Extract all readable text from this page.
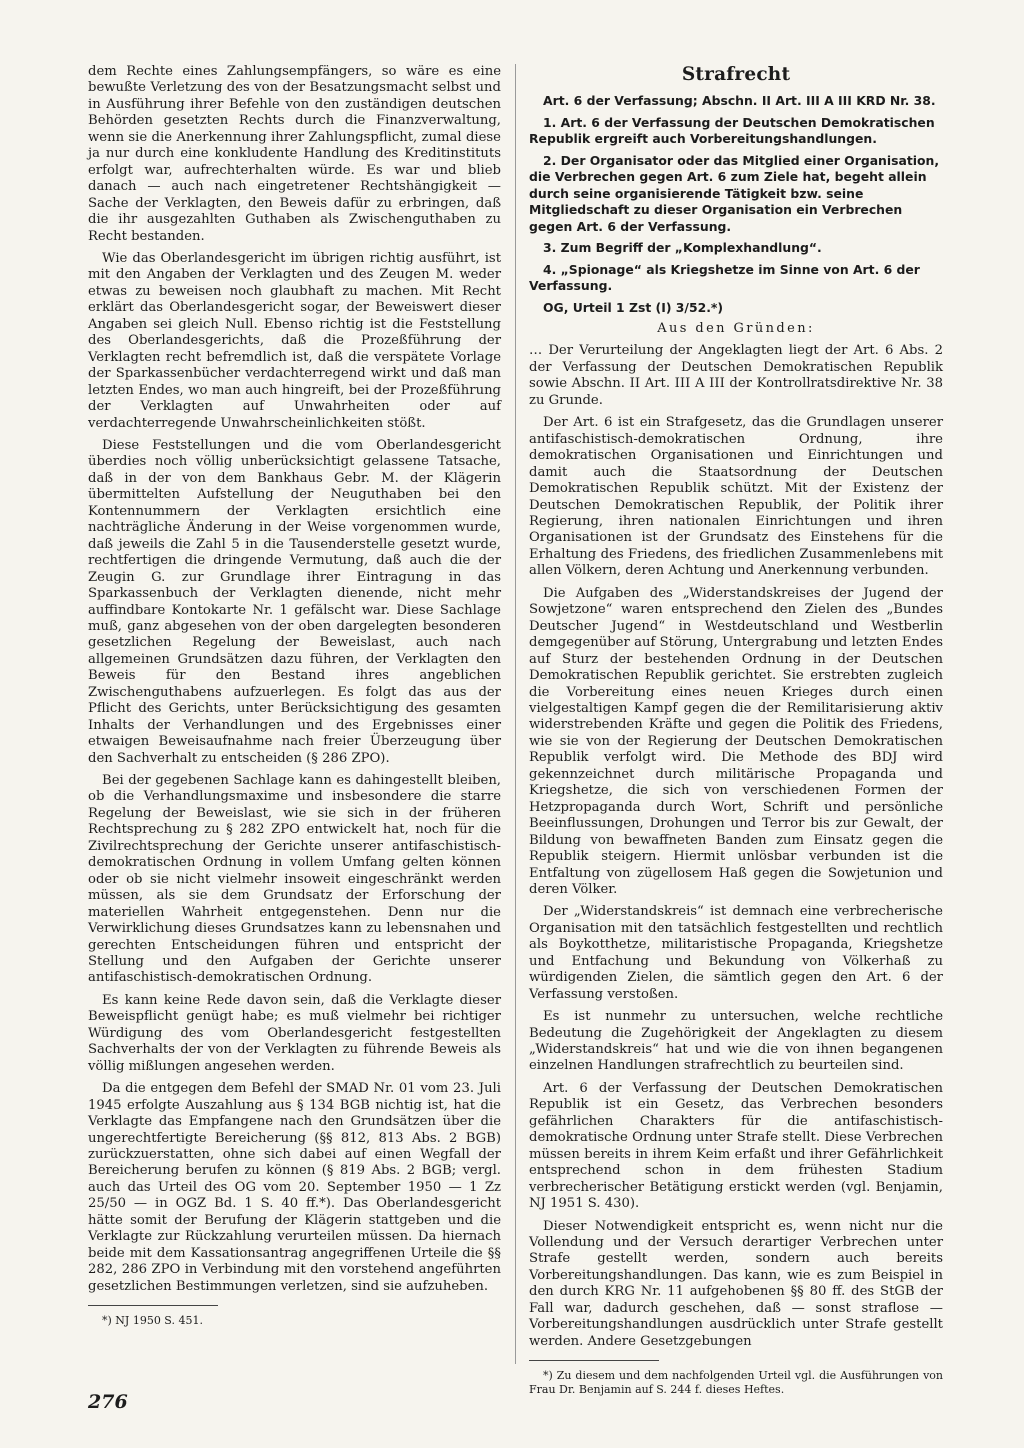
dem Rechte eines Zahlungsempfängers, so wäre es eine bewußte Verletzung des von der Besatzungsmacht selbst und in Ausführung ihrer Befehle von den zuständigen deutschen Behörden gesetzten Rechts durch die Finanzverwaltung, wenn sie die Anerkennung ihrer Zahlungspflicht, zumal diese ja nur durch eine konkludente Handlung des Kreditinstituts erfolgt war, aufrechterhalten würde. Es war und blieb danach — auch nach eingetretener Rechtshängigkeit — Sache der Verklagten, den Beweis dafür zu erbringen, daß die ihr ausgezahlten Guthaben als Zwischenguthaben zu Recht bestanden.

Wie das Oberlandesgericht im übrigen richtig ausführt, ist mit den Angaben der Verklagten und des Zeugen M. weder etwas zu beweisen noch glaubhaft zu machen. Mit Recht erklärt das Oberlandesgericht sogar, der Beweiswert dieser Angaben sei gleich Null. Ebenso richtig ist die Feststellung des Oberlandesgerichts, daß die Prozeßführung der Verklagten recht befremdlich ist, daß die verspätete Vorlage der Sparkassenbücher verdachterregend wirkt und daß man letzten Endes, wo man auch hingreift, bei der Prozeßführung der Verklagten auf Unwahrheiten oder auf verdachterregende Unwahrscheinlichkeiten stößt.

Diese Feststellungen und die vom Oberlandesgericht überdies noch völlig unberücksichtigt gelassene Tatsache, daß in der von dem Bankhaus Gebr. M. der Klägerin übermittelten Aufstellung der Neuguthaben bei den Kontennummern der Verklagten ersichtlich eine nachträgliche Änderung in der Weise vorgenommen wurde, daß jeweils die Zahl 5 in die Tausenderstelle gesetzt wurde, rechtfertigen die dringende Vermutung, daß auch die der Zeugin G. zur Grundlage ihrer Eintragung in das Sparkassenbuch der Verklagten dienende, nicht mehr auffindbare Kontokarte Nr. 1 gefälscht war. Diese Sachlage muß, ganz abgesehen von der oben dargelegten besonderen gesetzlichen Regelung der Beweislast, auch nach allgemeinen Grundsätzen dazu führen, der Verklagten den Beweis für den Bestand ihres angeblichen Zwischenguthabens aufzuerlegen. Es folgt das aus der Pflicht des Gerichts, unter Berücksichtigung des gesamten Inhalts der Verhandlungen und des Ergebnisses einer etwaigen Beweisaufnahme nach freier Überzeugung über den Sachverhalt zu entscheiden (§ 286 ZPO).

Bei der gegebenen Sachlage kann es dahingestellt bleiben, ob die Verhandlungsmaxime und insbesondere die starre Regelung der Beweislast, wie sie sich in der früheren Rechtsprechung zu § 282 ZPO entwickelt hat, noch für die Zivilrechtsprechung der Gerichte unserer antifaschistisch-demokratischen Ordnung in vollem Umfang gelten können oder ob sie nicht vielmehr insoweit eingeschränkt werden müssen, als sie dem Grundsatz der Erforschung der materiellen Wahrheit entgegenstehen. Denn nur die Verwirklichung dieses Grundsatzes kann zu lebensnahen und gerechten Entscheidungen führen und entspricht der Stellung und den Aufgaben der Gerichte unserer antifaschistisch-demokratischen Ordnung.

Es kann keine Rede davon sein, daß die Verklagte dieser Beweispflicht genügt habe; es muß vielmehr bei richtiger Würdigung des vom Oberlandesgericht festgestellten Sachverhalts der von der Verklagten zu führende Beweis als völlig mißlungen angesehen werden.

Da die entgegen dem Befehl der SMAD Nr. 01 vom 23. Juli 1945 erfolgte Auszahlung aus § 134 BGB nichtig ist, hat die Verklagte das Empfangene nach den Grundsätzen über die ungerechtfertigte Bereicherung (§§ 812, 813 Abs. 2 BGB) zurückzuerstatten, ohne sich dabei auf einen Wegfall der Bereicherung berufen zu können (§ 819 Abs. 2 BGB; vergl. auch das Urteil des OG vom 20. September 1950 — 1 Zz 25/50 — in OGZ Bd. 1 S. 40 ff.*). Das Oberlandesgericht hätte somit der Berufung der Klägerin stattgeben und die Verklagte zur Rückzahlung verurteilen müssen. Da hiernach beide mit dem Kassationsantrag angegriffenen Urteile die §§ 282, 286 ZPO in Verbindung mit den vorstehend angeführten gesetzlichen Bestimmungen verletzen, sind sie aufzuheben.

*) NJ 1950 S. 451.

Strafrecht

Art. 6 der Verfassung; Abschn. II Art. III A III KRD Nr. 38.

1. Art. 6 der Verfassung der Deutschen Demokratischen Republik ergreift auch Vorbereitungshandlungen.

2. Der Organisator oder das Mitglied einer Organisation, die Verbrechen gegen Art. 6 zum Ziele hat, begeht allein durch seine organisierende Tätigkeit bzw. seine Mitgliedschaft zu dieser Organisation ein Verbrechen gegen Art. 6 der Verfassung.

3. Zum Begriff der „Komplexhandlung“.

4. „Spionage“ als Kriegshetze im Sinne von Art. 6 der Verfassung.

OG, Urteil 1 Zst (I) 3/52.*)

Aus den Gründen:

… Der Verurteilung der Angeklagten liegt der Art. 6 Abs. 2 der Verfassung der Deutschen Demokratischen Republik sowie Abschn. II Art. III A III der Kontrollratsdirektive Nr. 38 zu Grunde.

Der Art. 6 ist ein Strafgesetz, das die Grundlagen unserer antifaschistisch-demokratischen Ordnung, ihre demokratischen Organisationen und Einrichtungen und damit auch die Staatsordnung der Deutschen Demokratischen Republik schützt. Mit der Existenz der Deutschen Demokratischen Republik, der Politik ihrer Regierung, ihren nationalen Einrichtungen und ihren Organisationen ist der Grundsatz des Einstehens für die Erhaltung des Friedens, des friedlichen Zusammenlebens mit allen Völkern, deren Achtung und Anerkennung verbunden.

Die Aufgaben des „Widerstandskreises der Jugend der Sowjetzone“ waren entsprechend den Zielen des „Bundes Deutscher Jugend“ in Westdeutschland und Westberlin demgegenüber auf Störung, Untergrabung und letzten Endes auf Sturz der bestehenden Ordnung in der Deutschen Demokratischen Republik gerichtet. Sie erstrebten zugleich die Vorbereitung eines neuen Krieges durch einen vielgestaltigen Kampf gegen die der Remilitarisierung aktiv widerstrebenden Kräfte und gegen die Politik des Friedens, wie sie von der Regierung der Deutschen Demokratischen Republik verfolgt wird. Die Methode des BDJ wird gekennzeichnet durch militärische Propaganda und Kriegshetze, die sich von verschiedenen Formen der Hetzpropaganda durch Wort, Schrift und persönliche Beeinflussungen, Drohungen und Terror bis zur Gewalt, der Bildung von bewaffneten Banden zum Einsatz gegen die Republik steigern. Hiermit unlösbar verbunden ist die Entfaltung von zügellosem Haß gegen die Sowjetunion und deren Völker.

Der „Widerstandskreis“ ist demnach eine verbrecherische Organisation mit den tatsächlich festgestellten und rechtlich als Boykotthetze, militaristische Propaganda, Kriegshetze und Entfachung und Bekundung von Völkerhaß zu würdigenden Zielen, die sämtlich gegen den Art. 6 der Verfassung verstoßen.

Es ist nunmehr zu untersuchen, welche rechtliche Bedeutung die Zugehörigkeit der Angeklagten zu diesem „Widerstandskreis“ hat und wie die von ihnen begangenen einzelnen Handlungen strafrechtlich zu beurteilen sind.

Art. 6 der Verfassung der Deutschen Demokratischen Republik ist ein Gesetz, das Verbrechen besonders gefährlichen Charakters für die antifaschistisch-demokratische Ordnung unter Strafe stellt. Diese Verbrechen müssen bereits in ihrem Keim erfaßt und ihrer Gefährlichkeit entsprechend schon in dem frühesten Stadium verbrecherischer Betätigung erstickt werden (vgl. Benjamin, NJ 1951 S. 430).

Dieser Notwendigkeit entspricht es, wenn nicht nur die Vollendung und der Versuch derartiger Verbrechen unter Strafe gestellt werden, sondern auch bereits Vorbereitungshandlungen. Das kann, wie es zum Beispiel in den durch KRG Nr. 11 aufgehobenen §§ 80 ff. des StGB der Fall war, dadurch geschehen, daß — sonst straflose — Vorbereitungshandlungen ausdrücklich unter Strafe gestellt werden. Andere Gesetzgebungen

*) Zu diesem und dem nachfolgenden Urteil vgl. die Ausführungen von Frau Dr. Benjamin auf S. 244 f. dieses Heftes.

276
